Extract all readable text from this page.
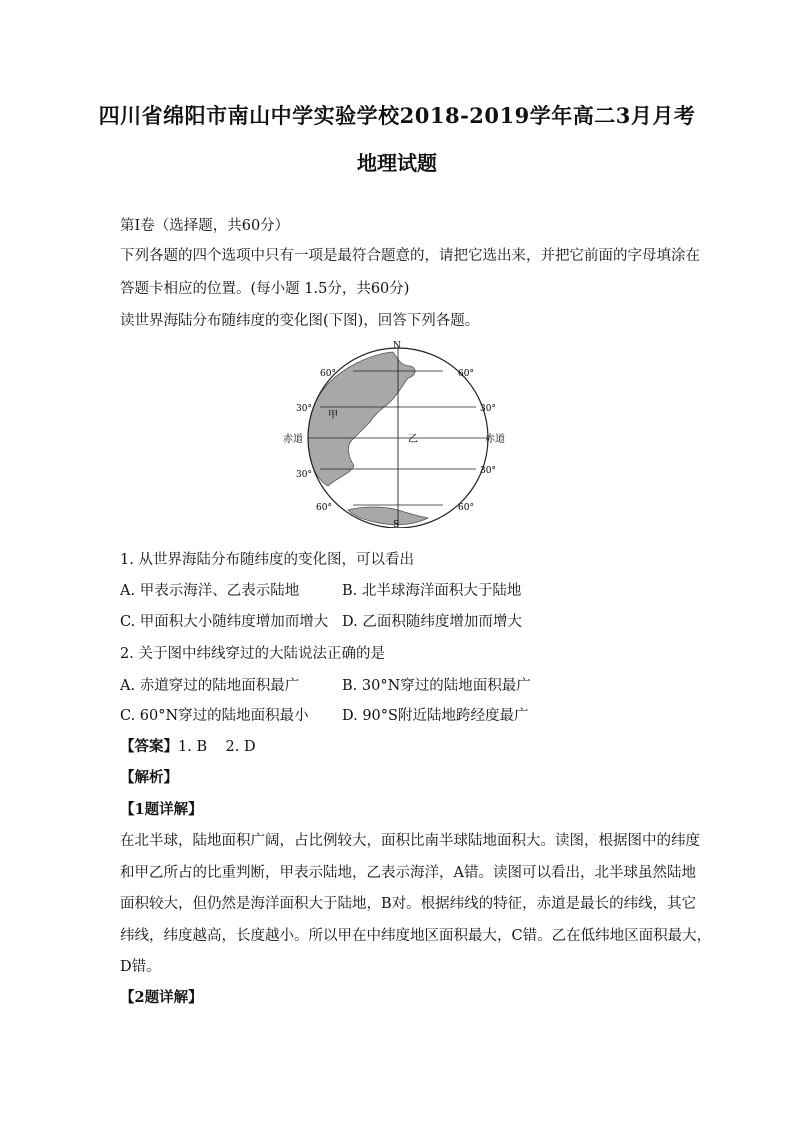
四川省绵阳市南山中学实验学校2018-2019学年高二3月月考
地理试题
第Ⅰ卷（选择题，共60分）
下列各题的四个选项中只有一项是最符合题意的，请把它选出来，并把它前面的字母填涂在
答题卡相应的位置。(每小题 1.5分，共60分)
读世界海陆分布随纬度的变化图(下图)，回答下列各题。
N
S
60°	60°
30°	30°
赤道	赤道
30°	30°
60°	60°
甲
乙
1. 从世界海陆分布随纬度的变化图，可以看出
A. 甲表示海洋、乙表示陆地	B. 北半球海洋面积大于陆地
C. 甲面积大小随纬度增加而增大 D. 乙面积随纬度增加而增大
2. 关于图中纬线穿过的大陆说法正确的是
A. 赤道穿过的陆地面积最广	B. 30°N穿过的陆地面积最广
C. 60°N穿过的陆地面积最小 D. 90°S附近陆地跨经度最广
【答案】1. B    2. D
【解析】
【1题详解】
在北半球，陆地面积广阔，占比例较大，面积比南半球陆地面积大。读图，根据图中的纬度
和甲乙所占的比重判断，甲表示陆地，乙表示海洋，A错。读图可以看出，北半球虽然陆地
面积较大，但仍然是海洋面积大于陆地，B对。根据纬线的特征，赤道是最长的纬线，其它
纬线，纬度越高，长度越小。所以甲在中纬度地区面积最大，C错。乙在低纬地区面积最大，
D错。
【2题详解】
